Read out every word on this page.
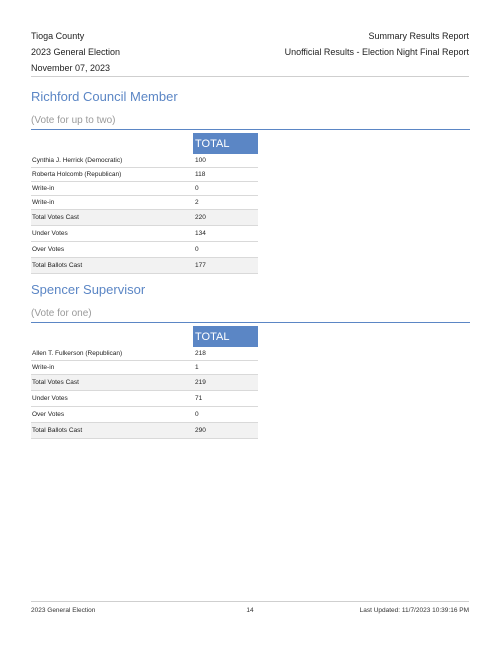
Tioga County	Summary Results Report
2023 General Election	Unofficial Results - Election Night Final Report
November 07, 2023
Richford Council Member
(Vote for up to two)
	TOTAL
Cynthia J. Herrick (Democratic)	100
Roberta Holcomb (Republican)	118
Write-in	0
Write-in	2
Total Votes Cast	220
Under Votes	134
Over Votes	0
Total Ballots Cast	177
Spencer Supervisor
(Vote for one)
	TOTAL
Allen T. Fulkerson (Republican)	218
Write-in	1
Total Votes Cast	219
Under Votes	71
Over Votes	0
Total Ballots Cast	290
2023 General Election	14	Last Updated: 11/7/2023 10:39:16 PM
